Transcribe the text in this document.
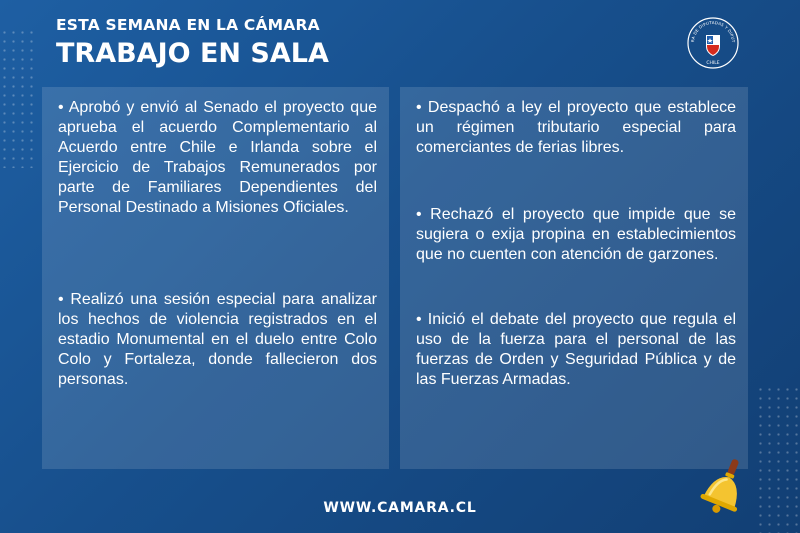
ESTA SEMANA EN LA CÁMARA
TRABAJO EN SALA	RA DE DIPUTADAS Y DIPUT
CHILE
• Aprobó y envió al Senado el proyecto que aprueba el acuerdo Complementario al Acuerdo entre Chile e Irlanda sobre el Ejercicio de Trabajos Remunerados por parte de Familiares Dependientes del Personal Destinado a Misiones Oficiales.
• Realizó una sesión especial para analizar los hechos de violencia registrados en el estadio Monumental en el duelo entre Colo Colo y Fortaleza, donde fallecieron dos personas.
• Despachó a ley el proyecto que establece un régimen tributario especial para comerciantes de ferias libres.
• Rechazó el proyecto que impide que se sugiera o exija propina en establecimientos que no cuenten con atención de garzones.
• Inició el debate del proyecto que regula el uso de la fuerza para el personal de las fuerzas de Orden y Seguridad Pública y de las Fuerzas Armadas.
WWW.CAMARA.CL
